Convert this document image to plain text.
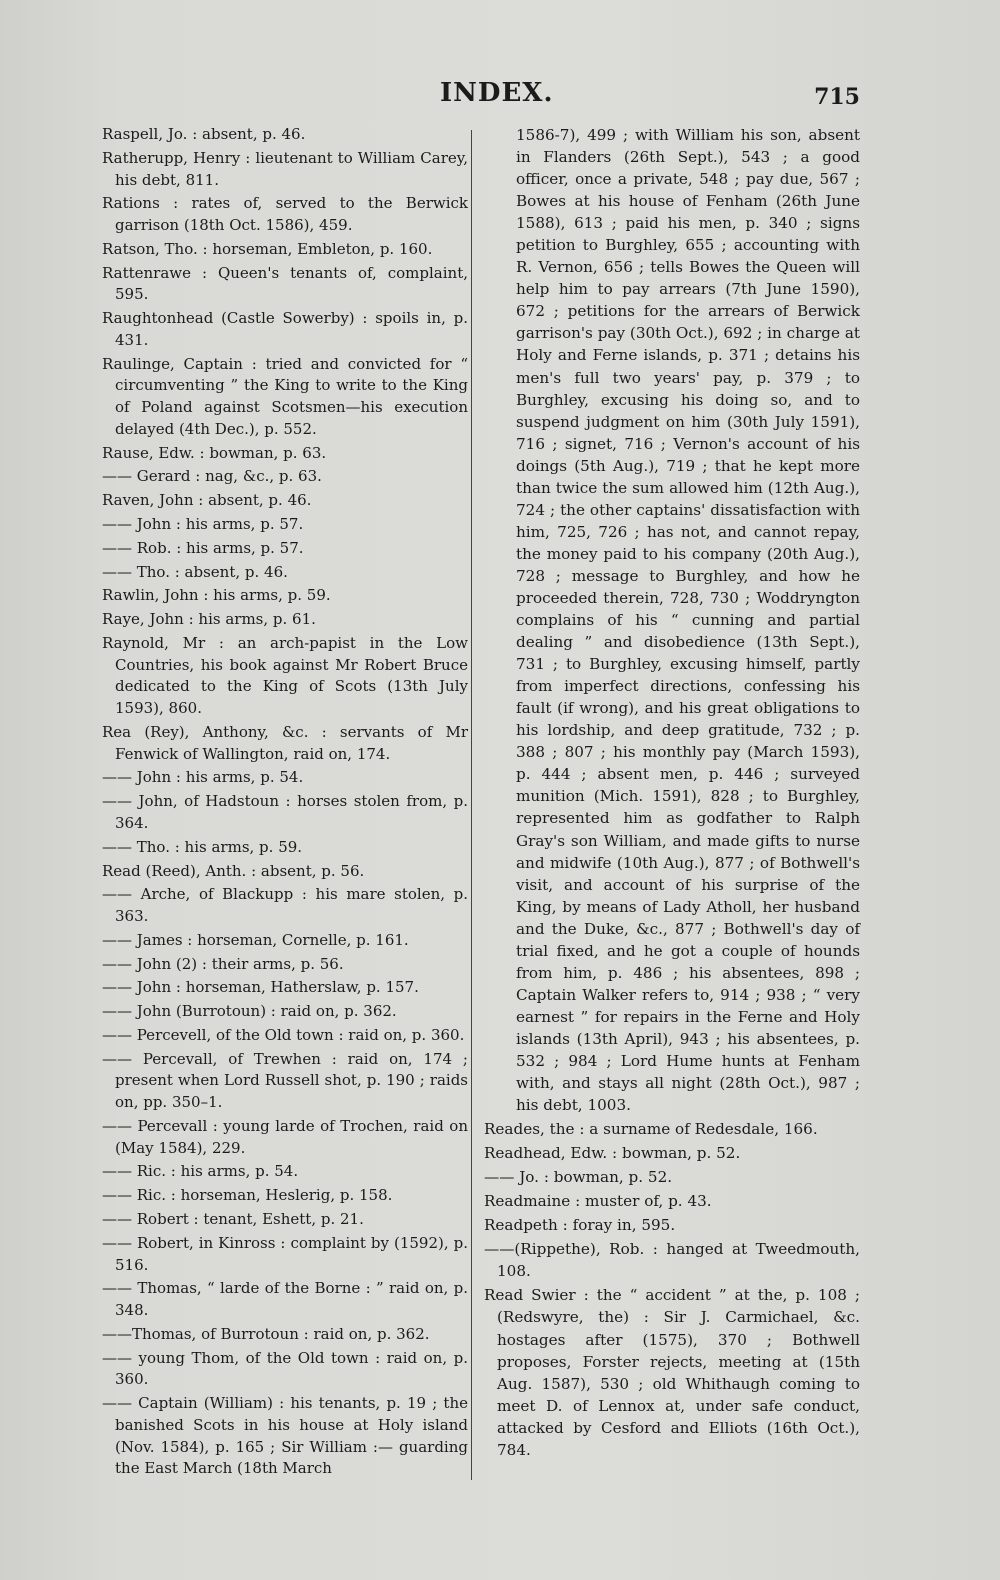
INDEX.	715

Raspell, Jo. : absent, p. 46.

Ratherupp, Henry : lieutenant to William Carey, his debt, 811.

Rations : rates of, served to the Berwick garrison (18th Oct. 1586), 459.

Ratson, Tho. : horseman, Embleton, p. 160.

Rattenrawe : Queen's tenants of, complaint, 595.

Raughtonhead (Castle Sowerby) : spoils in, p. 431.

Raulinge, Captain : tried and convicted for “ circumventing ” the King to write to the King of Poland against Scotsmen—his execution delayed (4th Dec.), p. 552.

Rause, Edw. : bowman, p. 63.

—— Gerard : nag, &c., p. 63.

Raven, John : absent, p. 46.

—— John : his arms, p. 57.

—— Rob. : his arms, p. 57.

—— Tho. : absent, p. 46.

Rawlin, John : his arms, p. 59.

Raye, John : his arms, p. 61.

Raynold, Mr : an arch-papist in the Low Countries, his book against Mr Robert Bruce dedicated to the King of Scots (13th July 1593), 860.

Rea (Rey), Anthony, &c. : servants of Mr Fenwick of Wallington, raid on, 174.

—— John : his arms, p. 54.

—— John, of Hadstoun : horses stolen from, p. 364.

—— Tho. : his arms, p. 59.

Read (Reed), Anth. : absent, p. 56.

—— Arche, of Blackupp : his mare stolen, p. 363.

—— James : horseman, Cornelle, p. 161.

—— John (2) : their arms, p. 56.

—— John : horseman, Hatherslaw, p. 157.

—— John (Burrotoun) : raid on, p. 362.

—— Percevell, of the Old town : raid on, p. 360.

—— Percevall, of Trewhen : raid on, 174 ; present when Lord Russell shot, p. 190 ; raids on, pp. 350–1.

—— Percevall : young larde of Trochen, raid on (May 1584), 229.

—— Ric. : his arms, p. 54.

—— Ric. : horseman, Heslerig, p. 158.

—— Robert : tenant, Eshett, p. 21.

—— Robert, in Kinross : complaint by (1592), p. 516.

—— Thomas, “ larde of the Borne : ” raid on, p. 348.

——Thomas, of Burrotoun : raid on, p. 362.

—— young Thom, of the Old town : raid on, p. 360.

—— Captain (William) : his tenants, p. 19 ; the banished Scots in his house at Holy island (Nov. 1584), p. 165 ; Sir William :— guarding the East March (18th March

1586-7), 499 ; with William his son, absent in Flanders (26th Sept.), 543 ; a good officer, once a private, 548 ; pay due, 567 ; Bowes at his house of Fenham (26th June 1588), 613 ; paid his men, p. 340 ; signs petition to Burghley, 655 ; accounting with R. Vernon, 656 ; tells Bowes the Queen will help him to pay arrears (7th June 1590), 672 ; petitions for the arrears of Berwick garrison's pay (30th Oct.), 692 ; in charge at Holy and Ferne islands, p. 371 ; detains his men's full two years' pay, p. 379 ; to Burghley, excusing his doing so, and to suspend judgment on him (30th July 1591), 716 ; signet, 716 ; Vernon's account of his doings (5th Aug.), 719 ; that he kept more than twice the sum allowed him (12th Aug.), 724 ; the other captains' dissatisfaction with him, 725, 726 ; has not, and cannot repay, the money paid to his company (20th Aug.), 728 ; message to Burghley, and how he proceeded therein, 728, 730 ; Woddryngton complains of his “ cunning and partial dealing ” and disobedience (13th Sept.), 731 ; to Burghley, excusing himself, partly from imperfect directions, confessing his fault (if wrong), and his great obligations to his lordship, and deep gratitude, 732 ; p. 388 ; 807 ; his monthly pay (March 1593), p. 444 ; absent men, p. 446 ; surveyed munition (Mich. 1591), 828 ; to Burghley, represented him as godfather to Ralph Gray's son William, and made gifts to nurse and midwife (10th Aug.), 877 ; of Bothwell's visit, and account of his surprise of the King, by means of Lady Atholl, her husband and the Duke, &c., 877 ; Bothwell's day of trial fixed, and he got a couple of hounds from him, p. 486 ; his absentees, 898 ; Captain Walker refers to, 914 ; 938 ; “ very earnest ” for repairs in the Ferne and Holy islands (13th April), 943 ; his absentees, p. 532 ; 984 ; Lord Hume hunts at Fenham with, and stays all night (28th Oct.), 987 ; his debt, 1003.

Reades, the : a surname of Redesdale, 166.

Readhead, Edw. : bowman, p. 52.

—— Jo. : bowman, p. 52.

Readmaine : muster of, p. 43.

Readpeth : foray in, 595.

——(Rippethe), Rob. : hanged at Tweedmouth, 108.

Read Swier : the “ accident ” at the, p. 108 ; (Redswyre, the) : Sir J. Carmichael, &c. hostages after (1575), 370 ; Bothwell proposes, Forster rejects, meeting at (15th Aug. 1587), 530 ; old Whithaugh coming to meet D. of Lennox at, under safe conduct, attacked by Cesford and Elliots (16th Oct.), 784.
